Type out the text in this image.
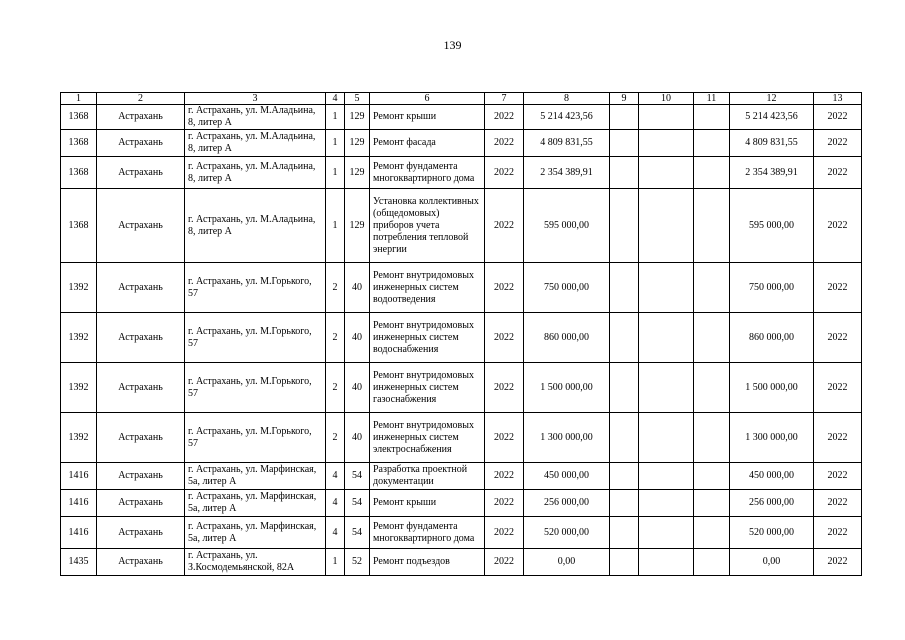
139
1	2	3	4	5	6	7	8	9	10	11	12	13
1368	Астрахань	г. Астрахань, ул. М.Аладьина, 8, литер А	1	129	Ремонт крыши	2022	5 214 423,56				5 214 423,56	2022
1368	Астрахань	г. Астрахань, ул. М.Аладьина, 8, литер А	1	129	Ремонт фасада	2022	4 809 831,55				4 809 831,55	2022
1368	Астрахань	г. Астрахань, ул. М.Аладьина, 8, литер А	1	129	Ремонт фундамента многоквартирного дома	2022	2 354 389,91				2 354 389,91	2022
1368	Астрахань	г. Астрахань, ул. М.Аладьина, 8, литер А	1	129	Установка коллективных (общедомовых) приборов учета потребления тепловой энергии	2022	595 000,00				595 000,00	2022
1392	Астрахань	г. Астрахань, ул. М.Горького, 57	2	40	Ремонт внутридомовых инженерных систем водоотведения	2022	750 000,00				750 000,00	2022
1392	Астрахань	г. Астрахань, ул. М.Горького, 57	2	40	Ремонт внутридомовых инженерных систем водоснабжения	2022	860 000,00				860 000,00	2022
1392	Астрахань	г. Астрахань, ул. М.Горького, 57	2	40	Ремонт внутридомовых инженерных систем газоснабжения	2022	1 500 000,00				1 500 000,00	2022
1392	Астрахань	г. Астрахань, ул. М.Горького, 57	2	40	Ремонт внутридомовых инженерных систем электроснабжения	2022	1 300 000,00				1 300 000,00	2022
1416	Астрахань	г. Астрахань, ул. Марфинская, 5а, литер А	4	54	Разработка проектной документации	2022	450 000,00				450 000,00	2022
1416	Астрахань	г. Астрахань, ул. Марфинская, 5а, литер А	4	54	Ремонт крыши	2022	256 000,00				256 000,00	2022
1416	Астрахань	г. Астрахань, ул. Марфинская, 5а, литер А	4	54	Ремонт фундамента многоквартирного дома	2022	520 000,00				520 000,00	2022
1435	Астрахань	г. Астрахань, ул. З.Космодемьянской, 82А	1	52	Ремонт подъездов	2022	0,00				0,00	2022
